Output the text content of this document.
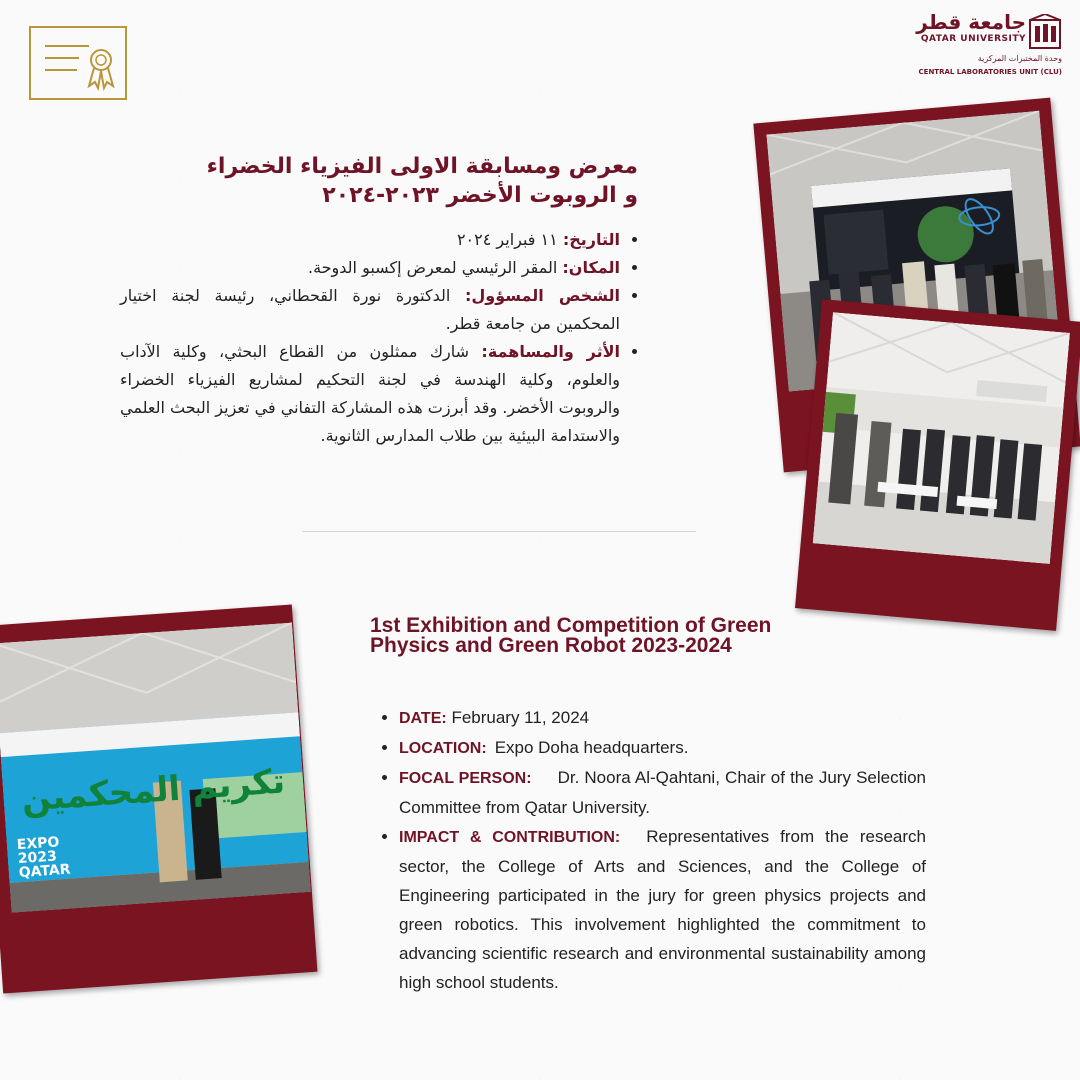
جامعة قطر
QATAR UNIVERSITY
وحدة المختبرات المركزية
CENTRAL LABORATORIES UNIT (CLU)
معرض ومسابقة الاولى الفيزياء الخضراء و الروبوت الأخضر ٢٠٢٣-٢٠٢٤
• التاريخ: ١١ فبراير ٢٠٢٤
• المكان: المقر الرئيسي لمعرض إكسبو الدوحة.
• الشخص المسؤول: الدكتورة نورة القحطاني، رئيسة لجنة اختيار المحكمين من جامعة قطر.
• الأثر والمساهمة: شارك ممثلون من القطاع البحثي، وكلية الآداب والعلوم، وكلية الهندسة في لجنة التحكيم لمشاريع الفيزياء الخضراء والروبوت الأخضر. وقد أبرزت هذه المشاركة التفاني في تعزيز البحث العلمي والاستدامة البيئية بين طلاب المدارس الثانوية.
1st Exhibition and Competition of Green Physics and Green Robot 2023-2024
• DATE: February 11, 2024
• LOCATION: Expo Doha headquarters.
• FOCAL PERSON: Dr. Noora Al-Qahtani, Chair of the Jury Selection Committee from Qatar University.
• IMPACT & CONTRIBUTION: Representatives from the research sector, the College of Arts and Sciences, and the College of Engineering participated in the jury for green physics projects and green robotics. This involvement highlighted the commitment to advancing scientific research and environmental sustainability among high school students.
تكريم المحكمين
EXPO
2023
QATAR
